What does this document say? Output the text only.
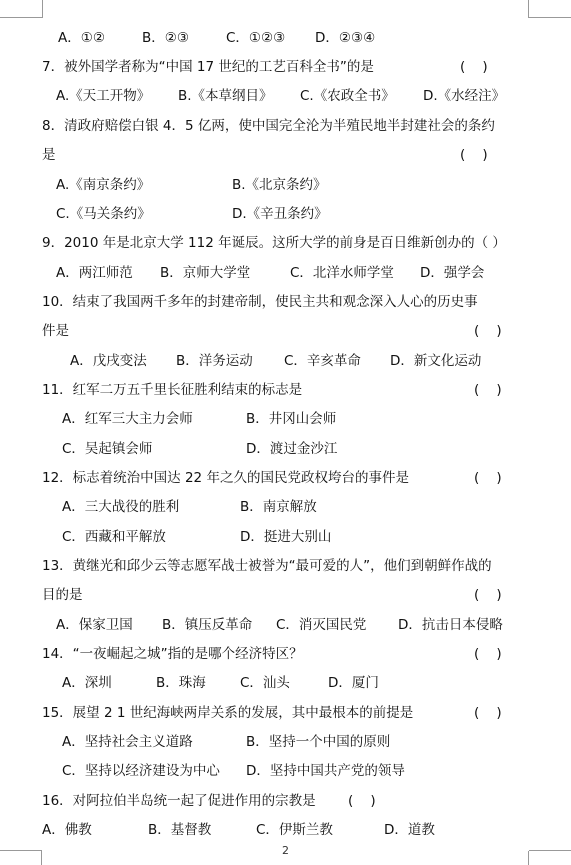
A．①②	B．②③	C．①②③ D．②③④
7．被外国学者称为“中国 17 世纪的工艺百科全书”的是	(    )
A.《天工开物》 B.《本草纲目》 C.《农政全书》 D.《水经注》
8．清政府赔偿白银 4．5 亿两，使中国完全沦为半殖民地半封建社会的条约
是	(    )
A.《南京条约》	B.《北京条约》
C.《马关条约》	D.《辛丑条约》
9．2010 年是北京大学 112 年诞辰。这所大学的前身是百日维新创办的（ ）
A．两江师范 B．京师大学堂	C．北洋水师学堂 D．强学会
10．结束了我国两千多年的封建帝制，使民主共和观念深入人心的历史事
件是	(    )
A．戊戌变法 B．洋务运动 C．辛亥革命 D．新文化运动
11．红军二万五千里长征胜利结束的标志是	(    )
A．红军三大主力会师	B．井冈山会师
C．吴起镇会师	D．渡过金沙江
12．标志着统治中国达 22 年之久的国民党政权垮台的事件是	(    )
A．三大战役的胜利	B．南京解放
C．西藏和平解放	D．挺进大别山
13．黄继光和邱少云等志愿军战士被誉为“最可爱的人”，他们到朝鲜作战的
目的是	(    )
A．保家卫国 B．镇压反革命 C．消灭国民党 D．抗击日本侵略
14．“一夜崛起之城”指的是哪个经济特区？	(    )
A．深圳	B．珠海	C．汕头	D．厦门
15．展望 2 1 世纪海峡两岸关系的发展，其中最根本的前提是	(    )
A．坚持社会主义道路	B．坚持一个中国的原则
C．坚持以经济建设为中心 D．坚持中国共产党的领导
16．对阿拉伯半岛统一起了促进作用的宗教是 (    )
A．佛教	B．基督教	C．伊斯兰教	D．道教
2
